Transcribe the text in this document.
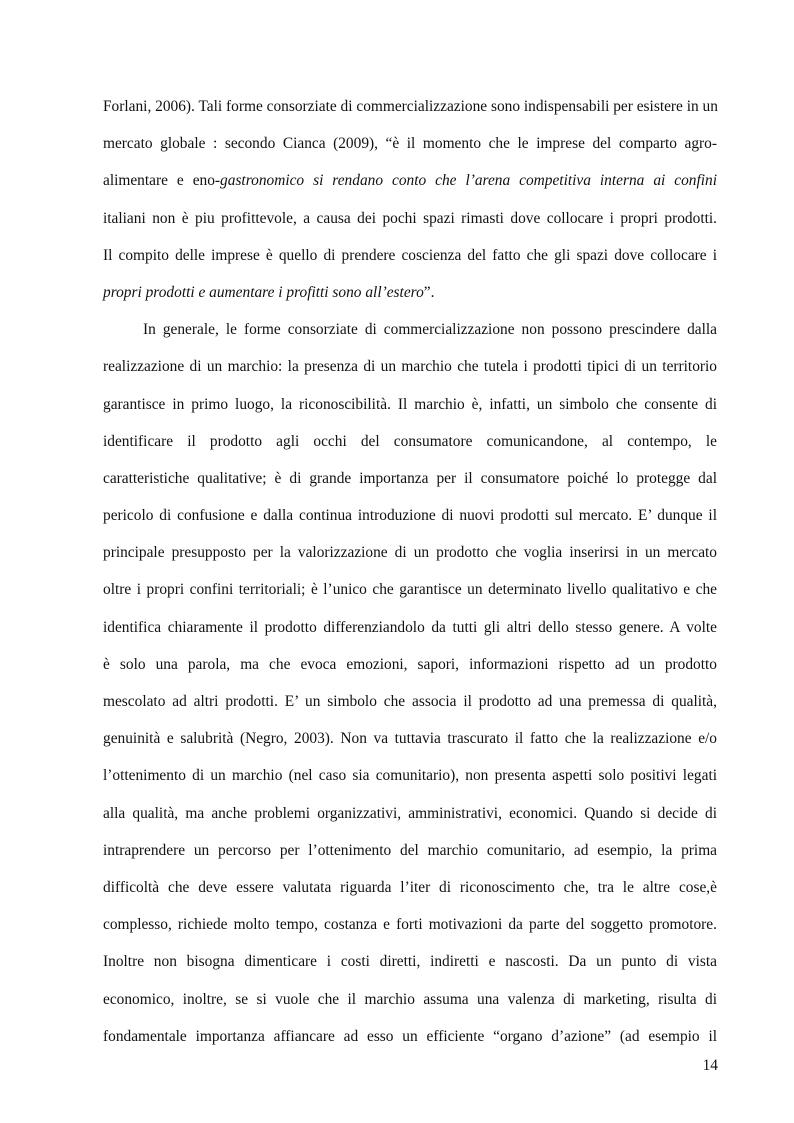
Forlani, 2006). Tali forme consorziate di commercializzazione sono indispensabili per esistere in un
mercato globale : secondo Cianca (2009), “è il momento che le imprese del comparto agro-
alimentare e eno-gastronomico si rendano conto che l’arena competitiva interna ai confini
italiani non è piu profittevole, a causa dei pochi spazi rimasti dove collocare i propri prodotti.
Il compito delle imprese è quello di prendere coscienza del fatto che gli spazi dove collocare i
propri prodotti e aumentare i profitti sono all’estero”.
In generale, le forme consorziate di commercializzazione non possono prescindere dalla
realizzazione di un marchio: la presenza di un marchio che tutela i prodotti tipici di un territorio
garantisce in primo luogo, la riconoscibilità. Il marchio è, infatti, un simbolo che consente di
identificare il prodotto agli occhi del consumatore comunicandone, al contempo, le
caratteristiche qualitative; è di grande importanza per il consumatore poiché lo protegge dal
pericolo di confusione e dalla continua introduzione di nuovi prodotti sul mercato. E’ dunque il
principale presupposto per la valorizzazione di un prodotto che voglia inserirsi in un mercato
oltre i propri confini territoriali; è l’unico che garantisce un determinato livello qualitativo e che
identifica chiaramente il prodotto differenziandolo da tutti gli altri dello stesso genere. A volte
è solo una parola, ma che evoca emozioni, sapori, informazioni rispetto ad un prodotto
mescolato ad altri prodotti. E’ un simbolo che associa il prodotto ad una premessa di qualità,
genuinità e salubrità (Negro, 2003). Non va tuttavia trascurato il fatto che la realizzazione e/o
l’ottenimento di un marchio (nel caso sia comunitario), non presenta aspetti solo positivi legati
alla qualità, ma anche problemi organizzativi, amministrativi, economici. Quando si decide di
intraprendere un percorso per l’ottenimento del marchio comunitario, ad esempio, la prima
difficoltà che deve essere valutata riguarda l’iter di riconoscimento che, tra le altre cose,è
complesso, richiede molto tempo, costanza e forti motivazioni da parte del soggetto promotore.
Inoltre non bisogna dimenticare i costi diretti, indiretti e nascosti. Da un punto di vista
economico, inoltre, se si vuole che il marchio assuma una valenza di marketing, risulta di
fondamentale importanza affiancare ad esso un efficiente “organo d’azione” (ad esempio il
14
